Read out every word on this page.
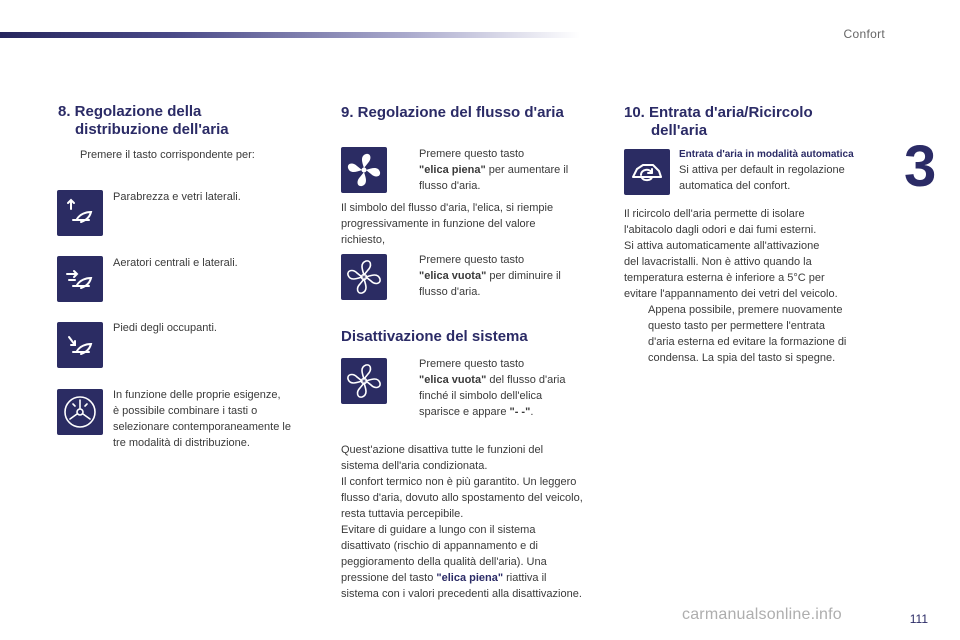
Confort
3
8. Regolazione della
distribuzione dell'aria
Premere il tasto corrispondente per:
Parabrezza e vetri laterali.
Aeratori centrali e laterali.
Piedi degli occupanti.
In funzione delle proprie esigenze,
è possibile combinare i tasti o
selezionare contemporaneamente le
tre modalità di distribuzione.
9. Regolazione del flusso d'aria
Premere questo tasto
"elica piena" per aumentare il
flusso d'aria.
Il simbolo del flusso d'aria, l'elica, si riempie
progressivamente in funzione del valore
richiesto,
Premere questo tasto
"elica vuota" per diminuire il
flusso d'aria.
Disattivazione del sistema
Premere questo tasto
"elica vuota" del flusso d'aria
finché il simbolo dell'elica
sparisce e appare "- -".
Quest'azione disattiva tutte le funzioni del
sistema dell'aria condizionata.
Il confort termico non è più garantito. Un leggero
flusso d'aria, dovuto allo spostamento del veicolo,
resta tuttavia percepibile.
Evitare di guidare a lungo con il sistema
disattivato (rischio di appannamento e di
peggioramento della qualità dell'aria). Una
pressione del tasto "elica piena" riattiva il
sistema con i valori precedenti alla disattivazione.
10. Entrata d'aria/Ricircolo
dell'aria
Entrata d'aria in modalità automatica
Si attiva per default in regolazione
automatica del confort.
Il ricircolo dell'aria permette di isolare
l'abitacolo dagli odori e dai fumi esterni.
Si attiva automaticamente all'attivazione
del lavacristalli. Non è attivo quando la
temperatura esterna è inferiore a 5°C per
evitare l'appannamento dei vetri del veicolo.
Appena possibile, premere nuovamente
questo tasto per permettere l'entrata
d'aria esterna ed evitare la formazione di
condensa. La spia del tasto si spegne.
carmanualsonline.info	111
